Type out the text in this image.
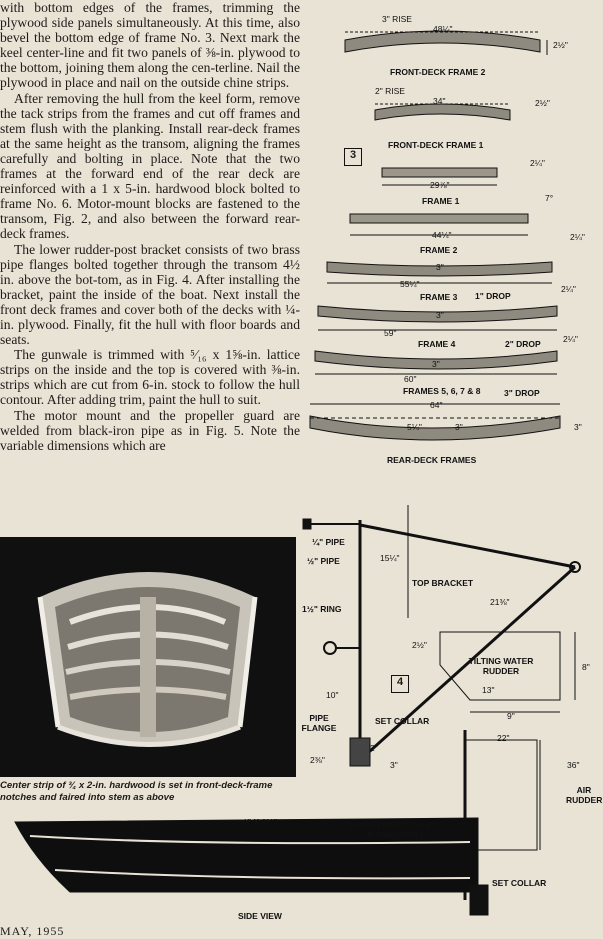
with bottom edges of the frames, trimming the plywood side panels simultaneously. At this time, also bevel the bottom edge of frame No. 3. Next mark the keel center-line and fit two panels of ⅜-in. plywood to the bottom, joining them along the cen-terline. Nail the plywood in place and nail on the outside chine strips.

After removing the hull from the keel form, remove the tack strips from the frames and cut off frames and stem flush with the planking. Install rear-deck frames at the same height as the transom, aligning the frames carefully and bolting in place. Note that the two frames at the forward end of the rear deck are reinforced with a 1 x 5-in. hardwood block bolted to frame No. 6. Motor-mount blocks are fastened to the transom, Fig. 2, and also between the forward rear-deck frames.

The lower rudder-post bracket consists of two brass pipe flanges bolted together through the transom 4½ in. above the bot-tom, as in Fig. 4. After installing the bracket, paint the inside of the boat. Next install the front deck frames and cover both of the decks with ¼-in. plywood. Finally, fit the hull with floor boards and seats.

The gunwale is trimmed with ⁵⁄₁₆ x 1⅝-in. lattice strips on the inside and the top is covered with ⅜-in. strips which are cut from 6-in. stock to follow the hull contour. After adding trim, paint the hull to suit.

The motor mount and the propeller guard are welded from black-iron pipe as in Fig. 5. Note the variable dimensions which are

Center strip of ¾ x 2-in. hardwood is set in front-deck-frame notches and faired into stem as above
3
3" RISE
48¼"
2½"
FRONT-DECK FRAME 2
2" RISE
34"	2½"
FRONT-DECK FRAME 1
2¼"
29⅞"
7°
FRAME 1
44¼"	2¼"
FRAME 2
3"
55¼"	2¼"
FRAME 3 1" DROP
3"
59"
2¼"
FRAME 4	2" DROP
3"
60"
FRAMES 5, 6, 7 & 8	3" DROP
64"
5¼"	3"	3"
REAR-DECK FRAMES
4
¼" PIPE
½" PIPE	15¼"
TOP BRACKET
21⅜"
1½" RING
10"
PIPE FLANGE
SET COLLAR
2"
2⅜"	3"
TILTING WATER RUDDER
2½"
8"
13"
9"
22"
36"
AIR RUDDER
MADE FROM ⅜" X 4½" TURNBUCKLE
SET COLLAR
½" X ¾"
⅝" X 1¼"
SIDE VIEW
MAY, 1955
